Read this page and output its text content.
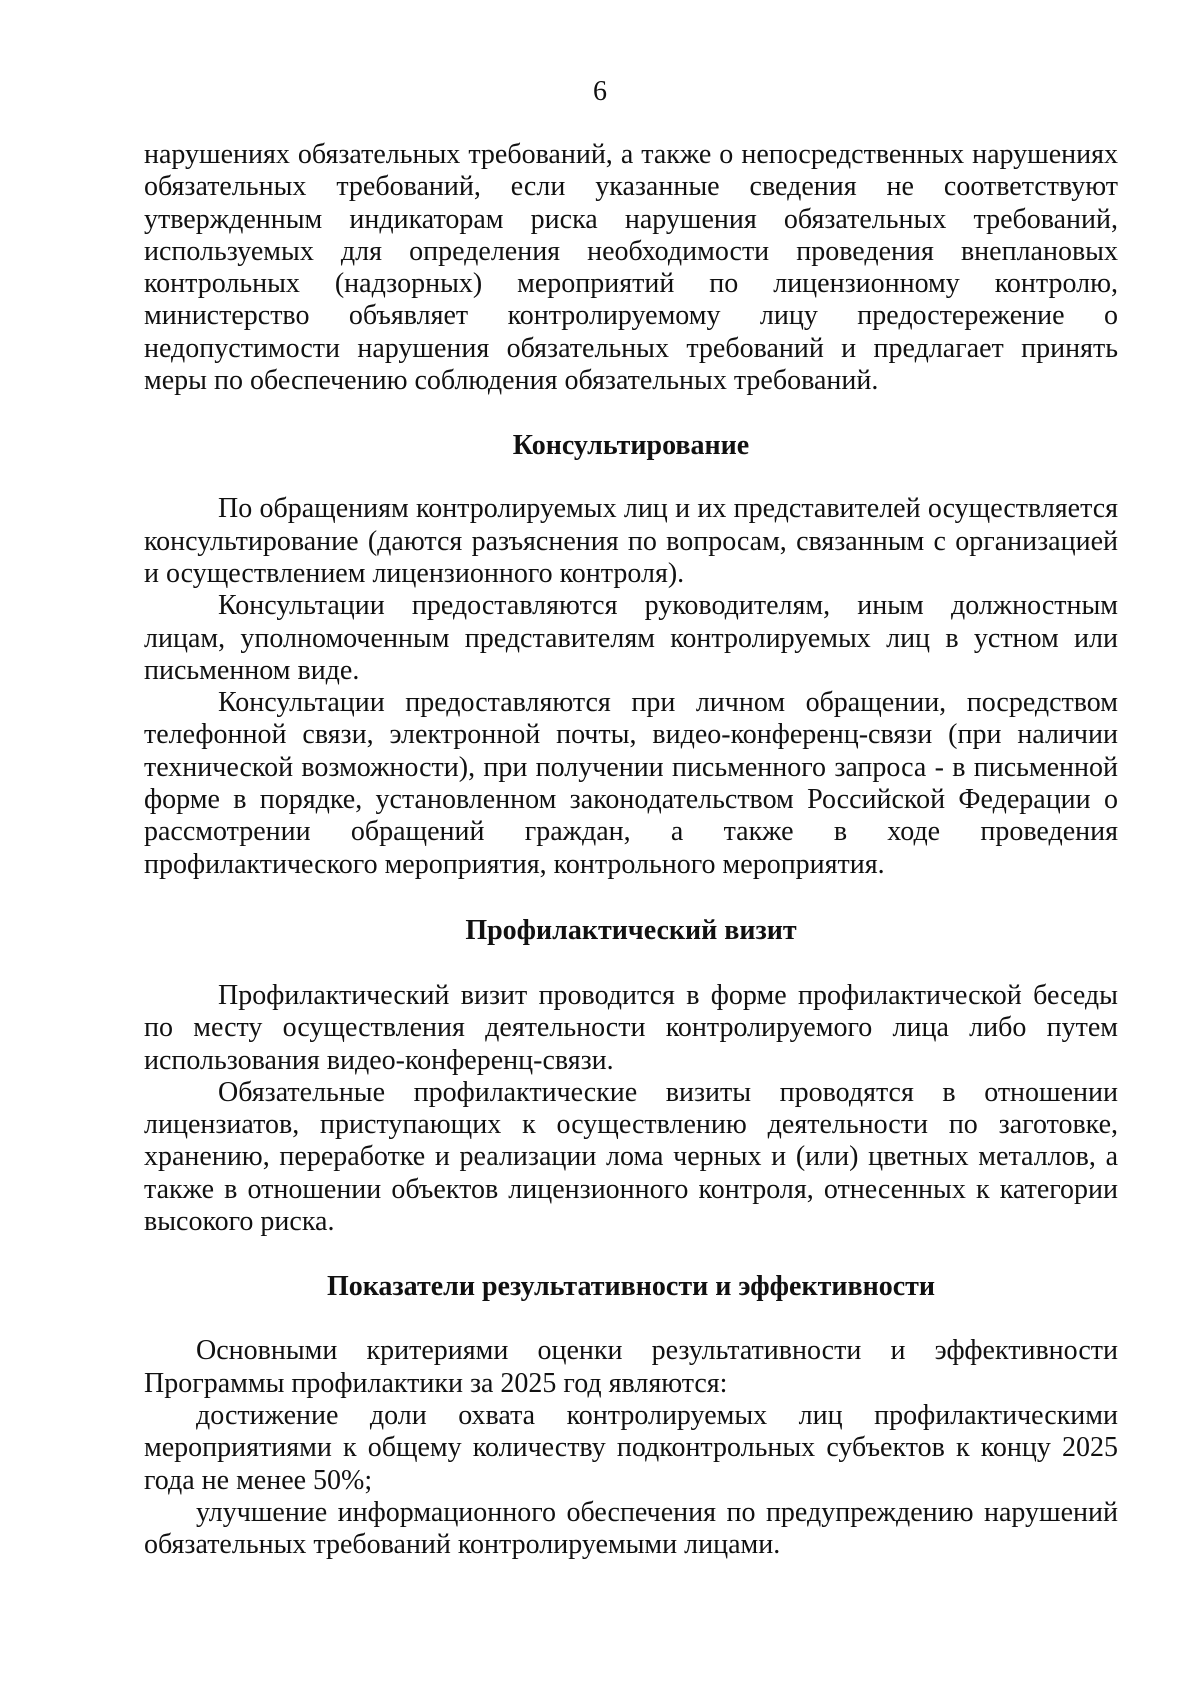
6

нарушениях обязательных требований, а также о непосредственных нарушениях обязательных требований, если указанные сведения не соответствуют утвержденным индикаторам риска нарушения обязательных требований, используемых для определения необходимости проведения внеплановых контрольных (надзорных) мероприятий по лицензионному контролю, министерство объявляет контролируемому лицу предостережение о недопустимости нарушения обязательных требований и предлагает принять меры по обеспечению соблюдения обязательных требований.

Консультирование

По обращениям контролируемых лиц и их представителей осуществляется консультирование (даются разъяснения по вопросам, связанным с организацией и осуществлением лицензионного контроля).

Консультации предоставляются руководителям, иным должностным лицам, уполномоченным представителям контролируемых лиц в устном или письменном виде.

Консультации предоставляются при личном обращении, посредством телефонной связи, электронной почты, видео-конференц-связи (при наличии технической возможности), при получении письменного запроса - в письменной форме в порядке, установленном законодательством Российской Федерации о рассмотрении обращений граждан, а также в ходе проведения профилактического мероприятия, контрольного мероприятия.

Профилактический визит

Профилактический визит проводится в форме профилактической беседы по месту осуществления деятельности контролируемого лица либо путем использования видео-конференц-связи.

Обязательные профилактические визиты проводятся в отношении лицензиатов, приступающих к осуществлению деятельности по заготовке, хранению, переработке и реализации лома черных и (или) цветных металлов, а также в отношении объектов лицензионного контроля, отнесенных к категории высокого риска.

Показатели результативности и эффективности

Основными критериями оценки результативности и эффективности Программы профилактики за 2025 год являются:

достижение доли охвата контролируемых лиц профилактическими мероприятиями к общему количеству подконтрольных субъектов к концу 2025 года не менее 50%;

улучшение информационного обеспечения по предупреждению нарушений обязательных требований контролируемыми лицами.
